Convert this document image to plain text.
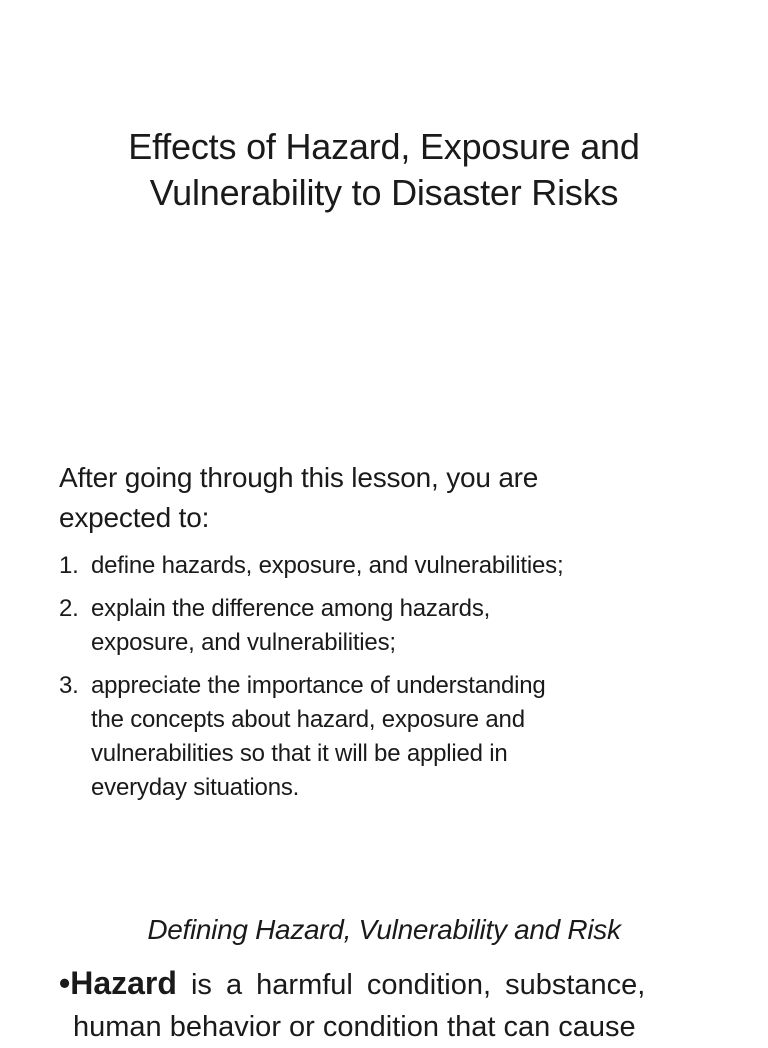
Effects of Hazard, Exposure and
Vulnerability to Disaster Risks
After going through this lesson, you are
expected to:
1. define hazards, exposure, and vulnerabilities;
2. explain the difference among hazards,
exposure, and vulnerabilities;
3. appreciate the importance of understanding
the concepts about hazard, exposure and
vulnerabilities so that it will be applied in
everyday situations.
Defining Hazard, Vulnerability and Risk
•Hazard is a harmful condition, substance,
human behavior or condition that can cause
